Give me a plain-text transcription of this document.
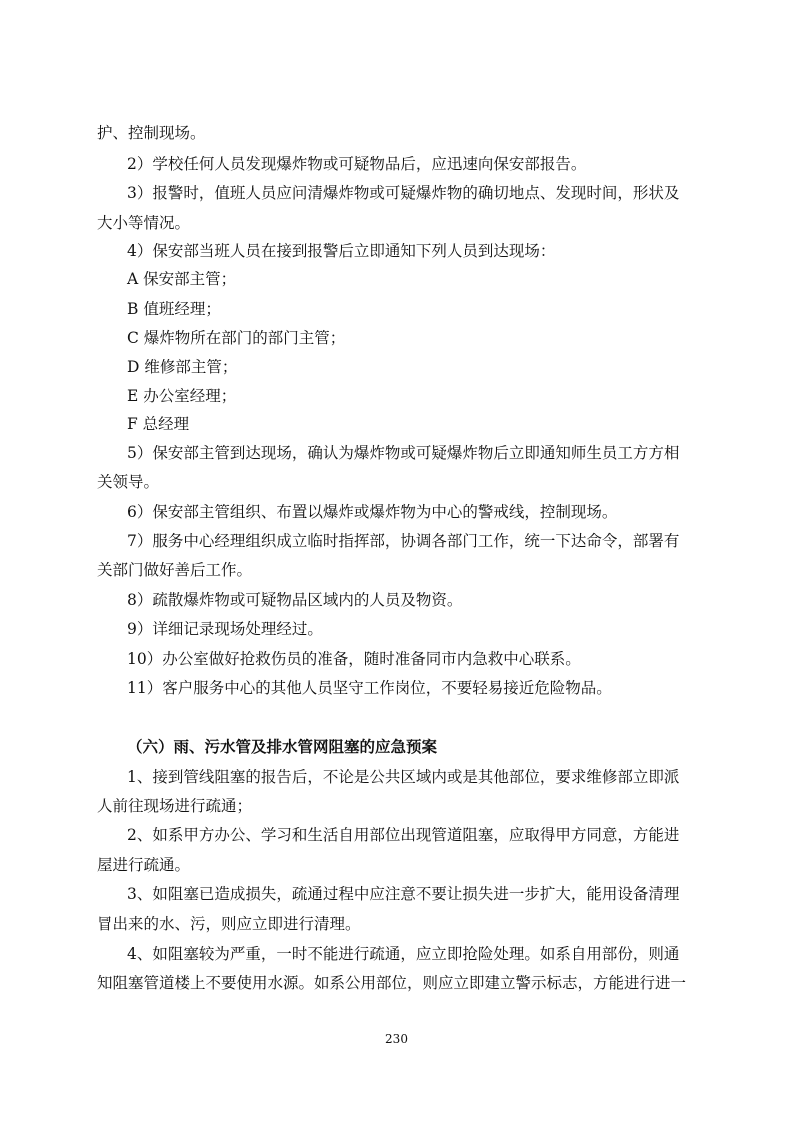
护、控制现场。
2）学校任何人员发现爆炸物或可疑物品后，应迅速向保安部报告。
3）报警时，值班人员应问清爆炸物或可疑爆炸物的确切地点、发现时间，形状及
大小等情况。
4）保安部当班人员在接到报警后立即通知下列人员到达现场：
A 保安部主管；
B 值班经理；
C 爆炸物所在部门的部门主管；
D 维修部主管；
E 办公室经理；
F 总经理
5）保安部主管到达现场，确认为爆炸物或可疑爆炸物后立即通知师生员工方方相
关领导。
6）保安部主管组织、布置以爆炸或爆炸物为中心的警戒线，控制现场。
7）服务中心经理组织成立临时指挥部，协调各部门工作，统一下达命令，部署有
关部门做好善后工作。
8）疏散爆炸物或可疑物品区域内的人员及物资。
9）详细记录现场处理经过。
10）办公室做好抢救伤员的准备，随时准备同市内急救中心联系。
11）客户服务中心的其他人员坚守工作岗位，不要轻易接近危险物品。
（六）雨、污水管及排水管网阻塞的应急预案
1、接到管线阻塞的报告后，不论是公共区域内或是其他部位，要求维修部立即派
人前往现场进行疏通；
2、如系甲方办公、学习和生活自用部位出现管道阻塞，应取得甲方同意，方能进
屋进行疏通。
3、如阻塞已造成损失，疏通过程中应注意不要让损失进一步扩大，能用设备清理
冒出来的水、污，则应立即进行清理。
4、如阻塞较为严重，一时不能进行疏通，应立即抢险处理。如系自用部份，则通
知阻塞管道楼上不要使用水源。如系公用部位，则应立即建立警示标志，方能进行进一
230
